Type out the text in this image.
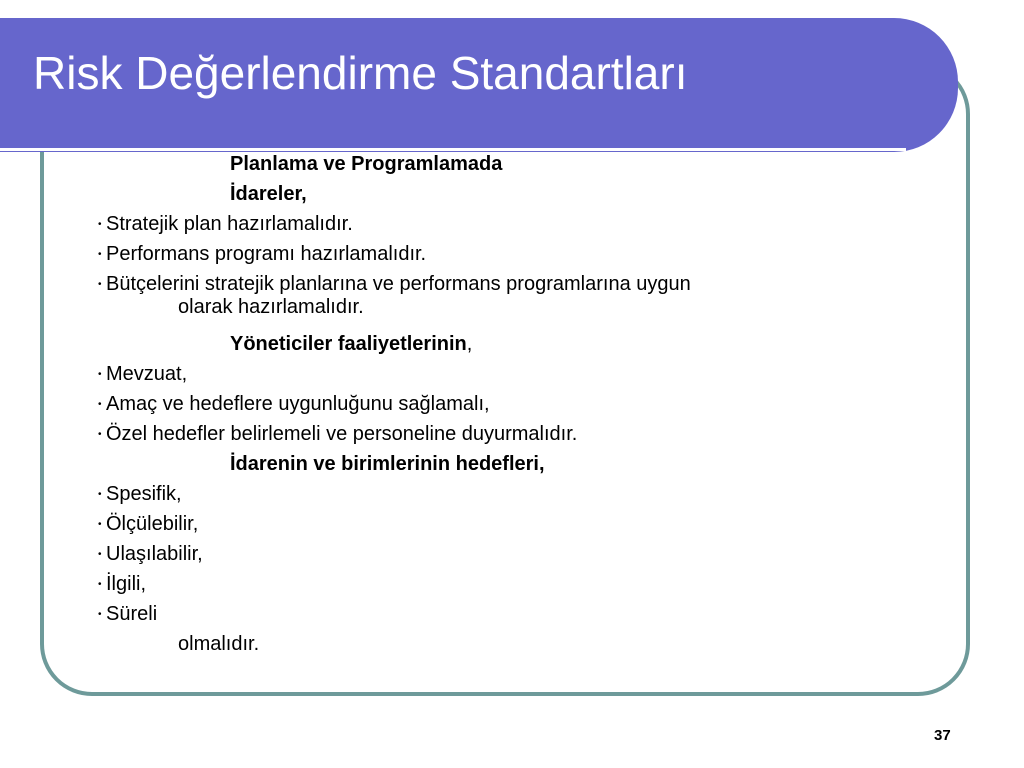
Risk Değerlendirme Standartları
Planlama ve Programlamada
İdareler,
• Stratejik plan hazırlamalıdır.
• Performans programı hazırlamalıdır.
• Bütçelerini stratejik planlarına ve performans programlarına uygun
olarak hazırlamalıdır.
Yöneticiler faaliyetlerinin,
• Mevzuat,
• Amaç ve hedeflere uygunluğunu sağlamalı,
• Özel hedefler belirlemeli ve personeline duyurmalıdır.
İdarenin ve birimlerinin hedefleri,
• Spesifik,
• Ölçülebilir,
• Ulaşılabilir,
• İlgili,
• Süreli
olmalıdır.
37
